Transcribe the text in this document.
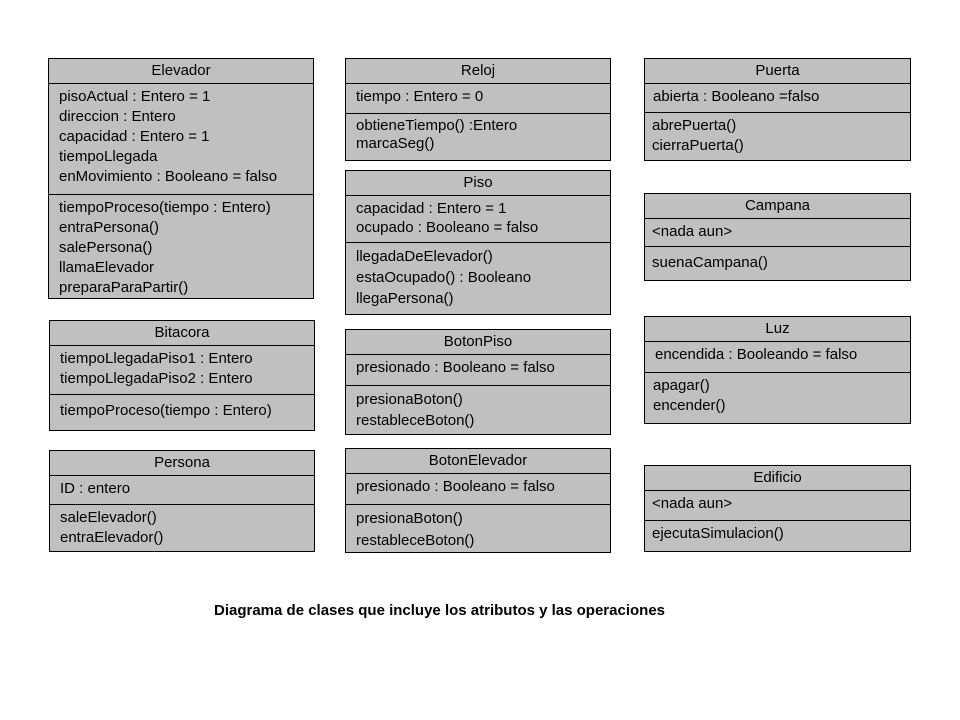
Elevador
pisoActual : Entero = 1
direccion : Entero
capacidad : Entero = 1
tiempoLlegada
enMovimiento : Booleano = falso
tiempoProceso(tiempo : Entero)
entraPersona()
salePersona()
llamaElevador
preparaParaPartir()
Bitacora
tiempoLlegadaPiso1 : Entero
tiempoLlegadaPiso2 : Entero
tiempoProceso(tiempo : Entero)
Persona
ID : entero
saleElevador()
entraElevador()
Reloj
tiempo : Entero = 0
obtieneTiempo() :Entero
marcaSeg()
Piso
capacidad : Entero = 1
ocupado : Booleano = falso
llegadaDeElevador()
estaOcupado() : Booleano
llegaPersona()
BotonPiso
presionado : Booleano = falso
presionaBoton()
restableceBoton()
BotonElevador
presionado : Booleano = falso
presionaBoton()
restableceBoton()
Puerta
abierta : Booleano =falso
abrePuerta()
cierraPuerta()
Campana
<nada aun>
suenaCampana()
Luz
encendida : Booleando = falso
apagar()
encender()
Edificio
<nada aun>
ejecutaSimulacion()
Diagrama de clases que incluye los atributos y las operaciones
